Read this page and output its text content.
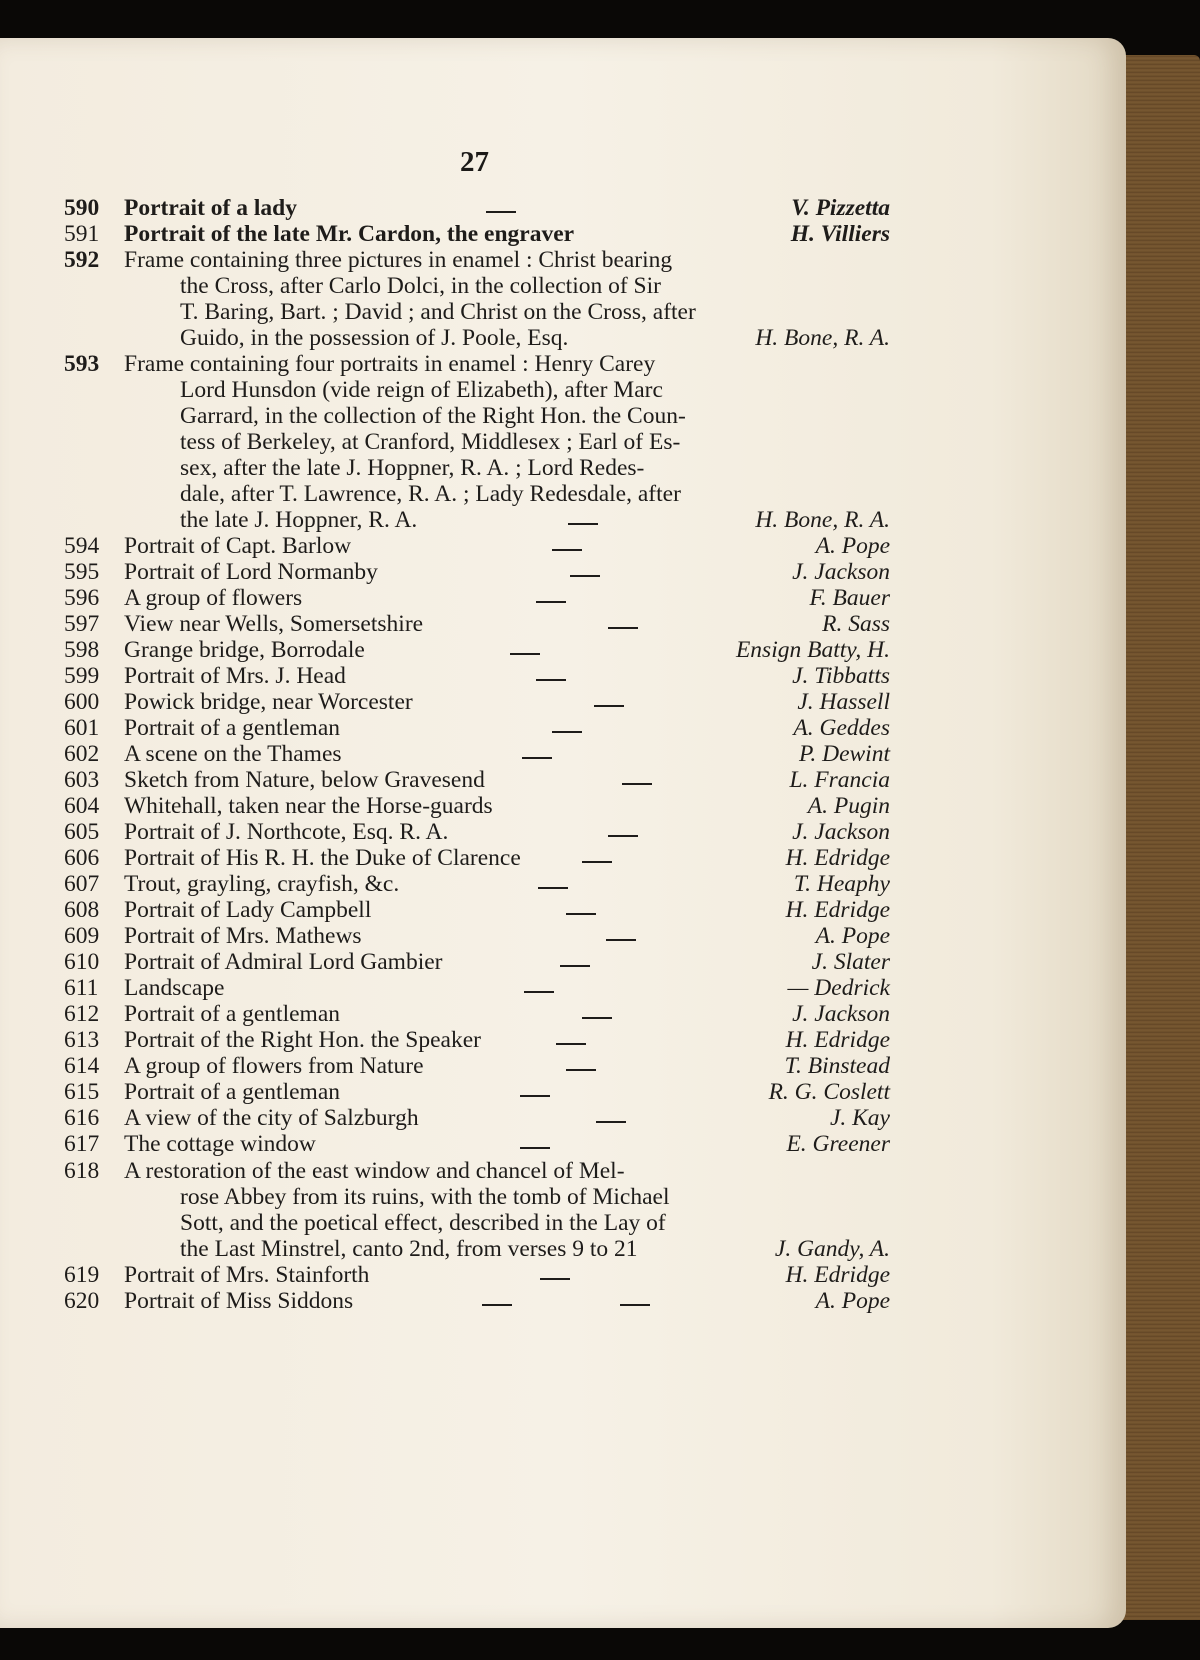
27
590	Portrait of a lady	V. Pizzetta
591	Portrait of the late Mr. Cardon, the engraver	H. Villiers
592	Frame containing three pictures in enamel : Christ bearing
the Cross, after Carlo Dolci, in the collection of Sir
T. Baring, Bart. ; David ; and Christ on the Cross, after
Guido, in the possession of J. Poole, Esq.	H. Bone, R. A.
593	Frame containing four portraits in enamel : Henry Carey
Lord Hunsdon (vide reign of Elizabeth), after Marc
Garrard, in the collection of the Right Hon. the Coun-
tess of Berkeley, at Cranford, Middlesex ; Earl of Es-
sex, after the late J. Hoppner, R. A. ; Lord Redes-
dale, after T. Lawrence, R. A. ; Lady Redesdale, after
the late J. Hoppner, R. A.	H. Bone, R. A.
594	Portrait of Capt. Barlow	A. Pope
595	Portrait of Lord Normanby	J. Jackson
596	A group of flowers	F. Bauer
597	View near Wells, Somersetshire	R. Sass
598	Grange bridge, Borrodale	Ensign Batty, H.
599	Portrait of Mrs. J. Head	J. Tibbatts
600	Powick bridge, near Worcester	J. Hassell
601	Portrait of a gentleman	A. Geddes
602	A scene on the Thames	P. Dewint
603	Sketch from Nature, below Gravesend	L. Francia
604	Whitehall, taken near the Horse-guards	A. Pugin
605	Portrait of J. Northcote, Esq. R. A.	J. Jackson
606	Portrait of His R. H. the Duke of Clarence	H. Edridge
607	Trout, grayling, crayfish, &c.	T. Heaphy
608	Portrait of Lady Campbell	H. Edridge
609	Portrait of Mrs. Mathews	A. Pope
610	Portrait of Admiral Lord Gambier	J. Slater
611	Landscape	— Dedrick
612	Portrait of a gentleman	J. Jackson
613	Portrait of the Right Hon. the Speaker	H. Edridge
614	A group of flowers from Nature	T. Binstead
615	Portrait of a gentleman	R. G. Coslett
616	A view of the city of Salzburgh	J. Kay
617	The cottage window	E. Greener
618	A restoration of the east window and chancel of Mel-
rose Abbey from its ruins, with the tomb of Michael
Sott, and the poetical effect, described in the Lay of
the Last Minstrel, canto 2nd, from verses 9 to 21	J. Gandy, A.
619	Portrait of Mrs. Stainforth	H. Edridge
620	Portrait of Miss Siddons	A. Pope
